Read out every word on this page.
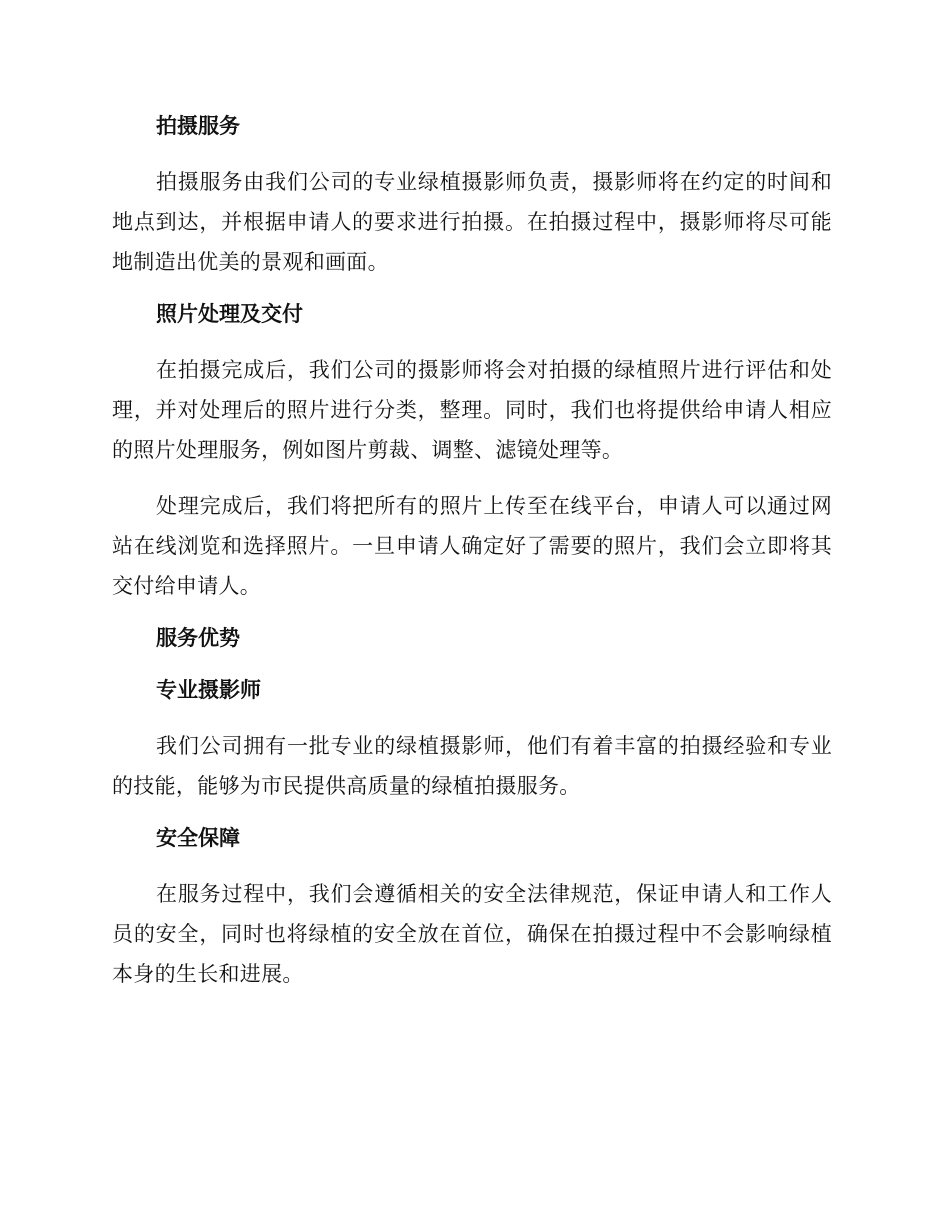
拍摄服务

拍摄服务由我们公司的专业绿植摄影师负责，摄影师将在约定的时间和地点到达，并根据申请人的要求进行拍摄。在拍摄过程中，摄影师将尽可能地制造出优美的景观和画面。

照片处理及交付

在拍摄完成后，我们公司的摄影师将会对拍摄的绿植照片进行评估和处理，并对处理后的照片进行分类，整理。同时，我们也将提供给申请人相应的照片处理服务，例如图片剪裁、调整、滤镜处理等。

处理完成后，我们将把所有的照片上传至在线平台，申请人可以通过网站在线浏览和选择照片。一旦申请人确定好了需要的照片，我们会立即将其交付给申请人。

服务优势
专业摄影师

我们公司拥有一批专业的绿植摄影师，他们有着丰富的拍摄经验和专业的技能，能够为市民提供高质量的绿植拍摄服务。

安全保障

在服务过程中，我们会遵循相关的安全法律规范，保证申请人和工作人员的安全，同时也将绿植的安全放在首位，确保在拍摄过程中不会影响绿植本身的生长和进展。
